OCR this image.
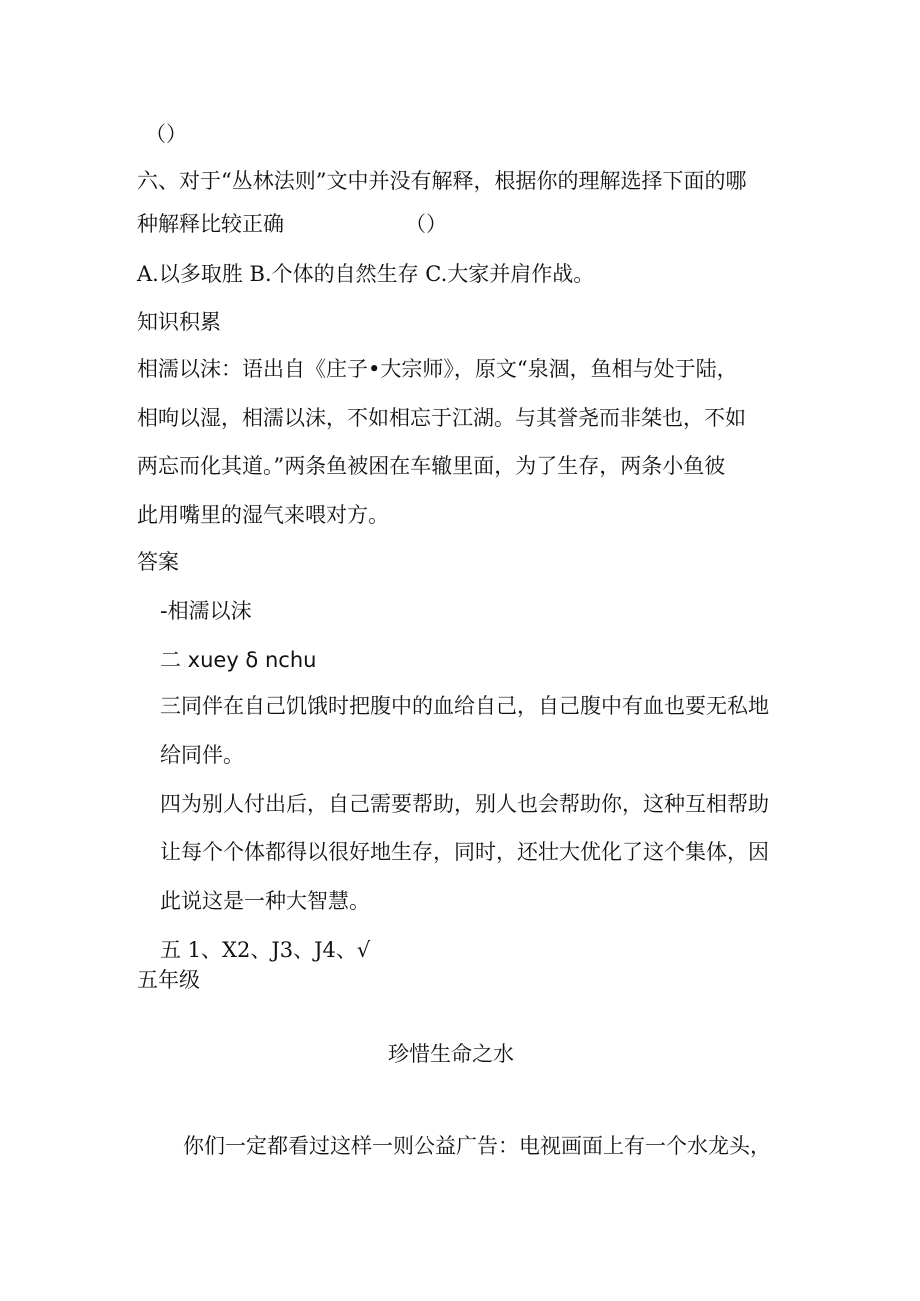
（）
六、对于“丛林法则”文中并没有解释，根据你的理解选择下面的哪
种解释比较正确	（）
A.以多取胜 B.个体的自然生存 C.大家并肩作战。
知识积累
相濡以沫：语出自《庄子•大宗师》，原文“泉涸，鱼相与处于陆，
相呴以湿，相濡以沫，不如相忘于江湖。与其誉尧而非桀也，不如
两忘而化其道。”两条鱼被困在车辙里面，为了生存，两条小鱼彼
此用嘴里的湿气来喂对方。
答案
-相濡以沫
二 xuey δ nchu
三同伴在自己饥饿时把腹中的血给自己，自己腹中有血也要无私地
给同伴。
四为别人付出后，自己需要帮助，别人也会帮助你，这种互相帮助
让每个个体都得以很好地生存，同时，还壮大优化了这个集体，因
此说这是一种大智慧。
五 1、X2、J3、J4、√
五年级
珍惜生命之水
你们一定都看过这样一则公益广告：电视画面上有一个水龙头，
